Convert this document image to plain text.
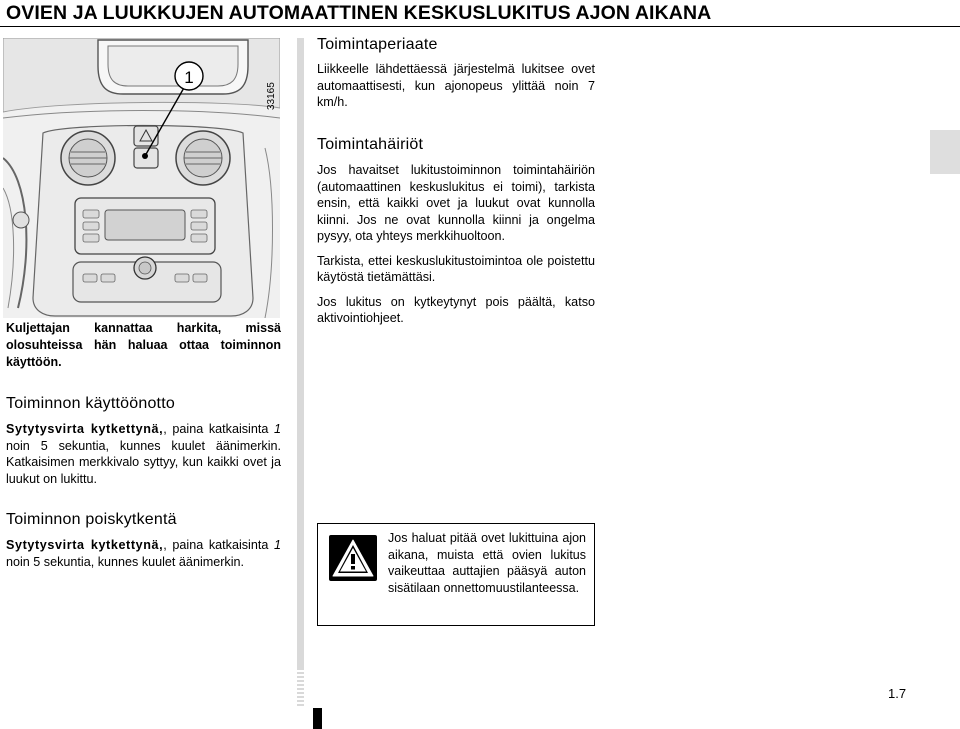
OVIEN JA LUUKKUJEN AUTOMAATTINEN KESKUSLUKITUS AJON AIKANA
1
33165
Kuljettajan kannattaa harkita, missä olosuhteissa hän haluaa ottaa toiminnon käyttöön.
Toiminnon käyttöönotto
Sytytysvirta kytkettynä,, paina katkaisinta 1 noin 5 sekuntia, kunnes kuulet äänimerkin. Katkaisimen merkkivalo syttyy, kun kaikki ovet ja luukut on lukittu.
Toiminnon poiskytkentä
Sytytysvirta kytkettynä,, paina katkaisinta 1 noin 5 sekuntia, kunnes kuulet äänimerkin.
Toimintaperiaate
Liikkeelle lähdettäessä järjestelmä lukitsee ovet automaattisesti, kun ajonopeus ylittää noin 7 km/h.
Toimintahäiriöt

Jos havaitset lukitustoiminnon toimintahäiriön (automaattinen keskuslukitus ei toimi), tarkista ensin, että kaikki ovet ja luukut ovat kunnolla kiinni. Jos ne ovat kunnolla kiinni ja ongelma pysyy, ota yhteys merkkihuoltoon.

Tarkista, ettei keskuslukitustoimintoa ole poistettu käytöstä tietämättäsi.

Jos lukitus on kytkeytynyt pois päältä, katso aktivointiohjeet.

Jos haluat pitää ovet lukittuina ajon aikana, muista että ovien lukitus vaikeuttaa auttajien pääsyä auton sisätilaan onnettomuustilanteessa.
1.7
